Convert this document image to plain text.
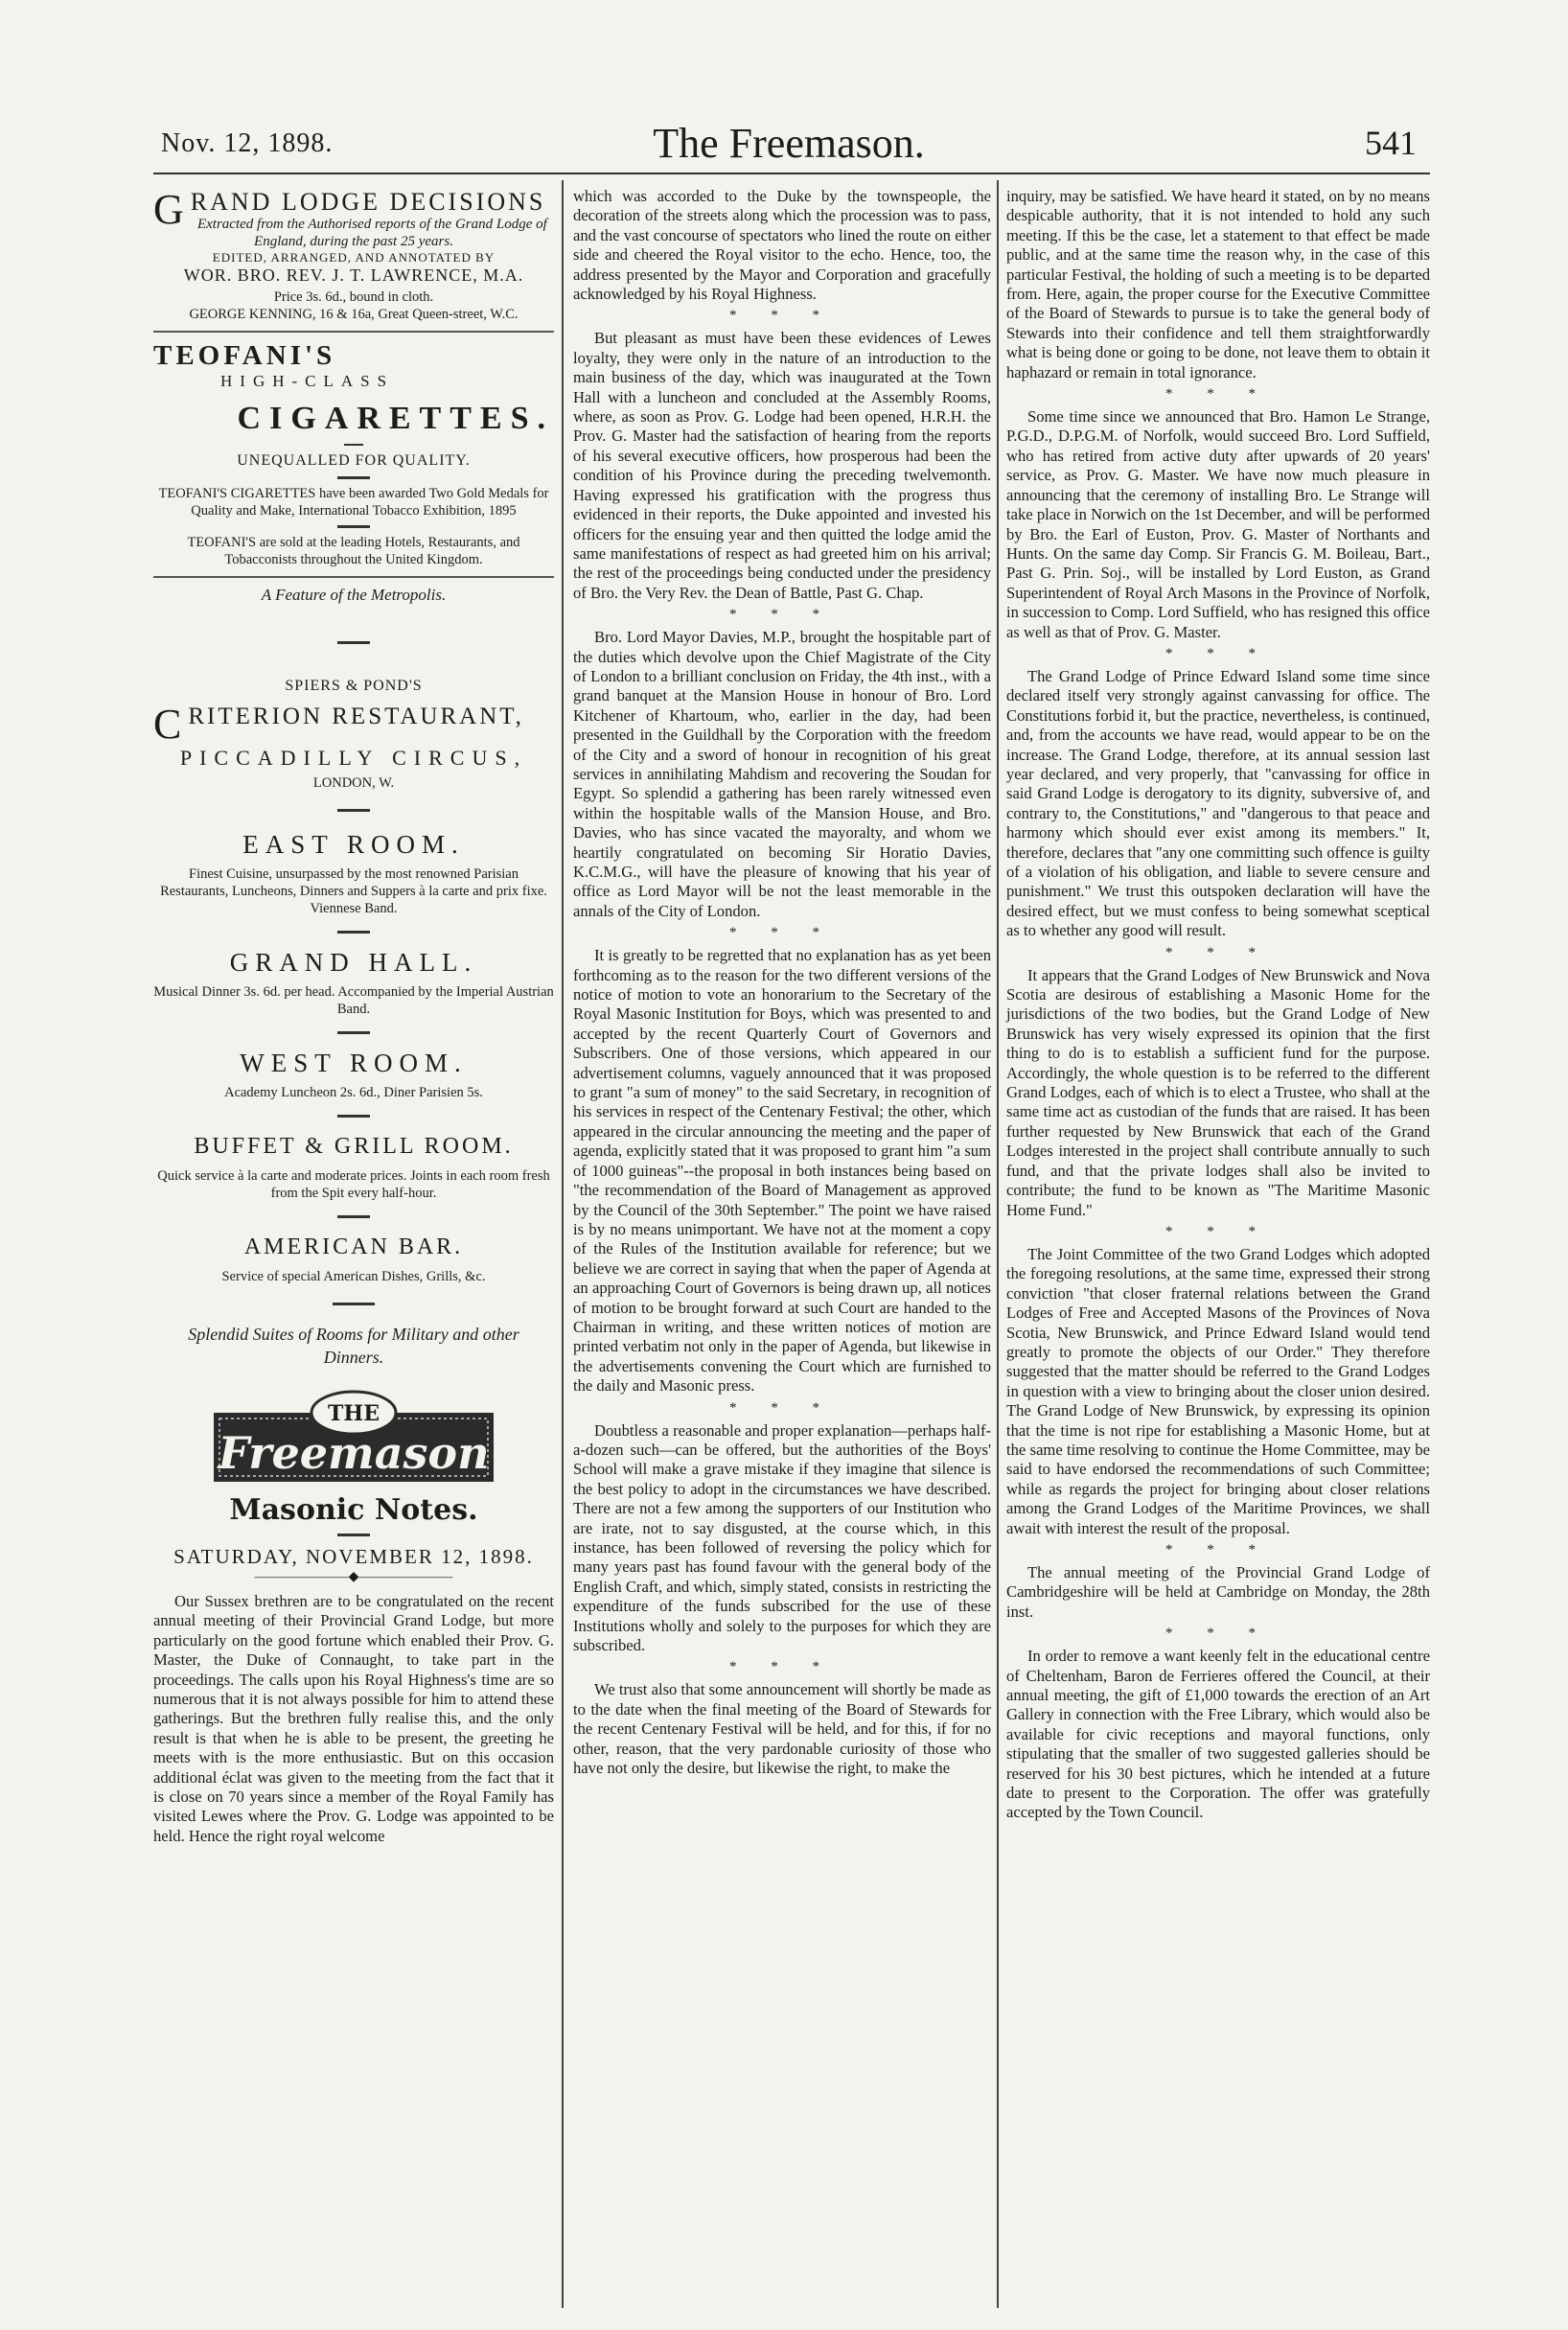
Nov. 12, 1898.	The Freemason.	541
GRAND LODGE DECISIONS
Extracted from the Authorised reports of the Grand Lodge of England, during the past 25 years.
EDITED, ARRANGED, AND ANNOTATED BY
WOR. BRO. REV. J. T. LAWRENCE, M.A.
Price 3s. 6d., bound in cloth.
GEORGE KENNING, 16 & 16a, Great Queen-street, W.C.
TEOFANI'S
HIGH-CLASS
CIGARETTES.
UNEQUALLED FOR QUALITY.
TEOFANI'S CIGARETTES have been awarded Two Gold Medals for Quality and Make, International Tobacco Exhibition, 1895
TEOFANI'S are sold at the leading Hotels, Restaurants, and Tobacconists throughout the United Kingdom.
A Feature of the Metropolis.
SPIERS & POND'S
CRITERION RESTAURANT,
PICCADILLY CIRCUS,
LONDON, W.
EAST ROOM.
Finest Cuisine, unsurpassed by the most renowned Parisian Restaurants, Luncheons, Dinners and Suppers à la carte and prix fixe. Viennese Band.
GRAND HALL.
Musical Dinner 3s. 6d. per head. Accompanied by the Imperial Austrian Band.
WEST ROOM.
Academy Luncheon 2s. 6d., Diner Parisien 5s.
BUFFET & GRILL ROOM.
Quick service à la carte and moderate prices. Joints in each room fresh from the Spit every half-hour.
AMERICAN BAR.
Service of special American Dishes, Grills, &c.
Splendid Suites of Rooms for Military and other Dinners.
THE
Freemason
Masonic Notes.
SATURDAY, NOVEMBER 12, 1898.
———————◆———————

Our Sussex brethren are to be congratulated on the recent annual meeting of their Provincial Grand Lodge, but more particularly on the good fortune which enabled their Prov. G. Master, the Duke of Connaught, to take part in the proceedings. The calls upon his Royal Highness's time are so numerous that it is not always possible for him to attend these gatherings. But the brethren fully realise this, and the only result is that when he is able to be present, the greeting he meets with is the more enthusiastic. But on this occasion additional éclat was given to the meeting from the fact that it is close on 70 years since a member of the Royal Family has visited Lewes where the Prov. G. Lodge was appointed to be held. Hence the right royal welcome

which was accorded to the Duke by the townspeople, the decoration of the streets along which the procession was to pass, and the vast concourse of spectators who lined the route on either side and cheered the Royal visitor to the echo. Hence, too, the address presented by the Mayor and Corporation and gracefully acknowledged by his Royal Highness.

* * *

But pleasant as must have been these evidences of Lewes loyalty, they were only in the nature of an introduction to the main business of the day, which was inaugurated at the Town Hall with a luncheon and concluded at the Assembly Rooms, where, as soon as Prov. G. Lodge had been opened, H.R.H. the Prov. G. Master had the satisfaction of hearing from the reports of his several executive officers, how prosperous had been the condition of his Province during the preceding twelvemonth. Having expressed his gratification with the progress thus evidenced in their reports, the Duke appointed and invested his officers for the ensuing year and then quitted the lodge amid the same manifestations of respect as had greeted him on his arrival; the rest of the proceedings being conducted under the presidency of Bro. the Very Rev. the Dean of Battle, Past G. Chap.

* * *

Bro. Lord Mayor Davies, M.P., brought the hospitable part of the duties which devolve upon the Chief Magistrate of the City of London to a brilliant conclusion on Friday, the 4th inst., with a grand banquet at the Mansion House in honour of Bro. Lord Kitchener of Khartoum, who, earlier in the day, had been presented in the Guildhall by the Corporation with the freedom of the City and a sword of honour in recognition of his great services in annihilating Mahdism and recovering the Soudan for Egypt. So splendid a gathering has been rarely witnessed even within the hospitable walls of the Mansion House, and Bro. Davies, who has since vacated the mayoralty, and whom we heartily congratulated on becoming Sir Horatio Davies, K.C.M.G., will have the pleasure of knowing that his year of office as Lord Mayor will be not the least memorable in the annals of the City of London.

* * *

It is greatly to be regretted that no explanation has as yet been forthcoming as to the reason for the two different versions of the notice of motion to vote an honorarium to the Secretary of the Royal Masonic Institution for Boys, which was presented to and accepted by the recent Quarterly Court of Governors and Subscribers. One of those versions, which appeared in our advertisement columns, vaguely announced that it was proposed to grant "a sum of money" to the said Secretary, in recognition of his services in respect of the Centenary Festival; the other, which appeared in the circular announcing the meeting and the paper of agenda, explicitly stated that it was proposed to grant him "a sum of 1000 guineas"--the proposal in both instances being based on "the recommendation of the Board of Management as approved by the Council of the 30th September." The point we have raised is by no means unimportant. We have not at the moment a copy of the Rules of the Institution available for reference; but we believe we are correct in saying that when the paper of Agenda at an approaching Court of Governors is being drawn up, all notices of motion to be brought forward at such Court are handed to the Chairman in writing, and these written notices of motion are printed verbatim not only in the paper of Agenda, but likewise in the advertisements convening the Court which are furnished to the daily and Masonic press.

* * *

Doubtless a reasonable and proper explanation—perhaps half-a-dozen such—can be offered, but the authorities of the Boys' School will make a grave mistake if they imagine that silence is the best policy to adopt in the circumstances we have described. There are not a few among the supporters of our Institution who are irate, not to say disgusted, at the course which, in this instance, has been followed of reversing the policy which for many years past has found favour with the general body of the English Craft, and which, simply stated, consists in restricting the expenditure of the funds subscribed for the use of these Institutions wholly and solely to the purposes for which they are subscribed.

* * *

We trust also that some announcement will shortly be made as to the date when the final meeting of the Board of Stewards for the recent Centenary Festival will be held, and for this, if for no other, reason, that the very pardonable curiosity of those who have not only the desire, but likewise the right, to make the

inquiry, may be satisfied. We have heard it stated, on by no means despicable authority, that it is not intended to hold any such meeting. If this be the case, let a statement to that effect be made public, and at the same time the reason why, in the case of this particular Festival, the holding of such a meeting is to be departed from. Here, again, the proper course for the Executive Committee of the Board of Stewards to pursue is to take the general body of Stewards into their confidence and tell them straightforwardly what is being done or going to be done, not leave them to obtain it haphazard or remain in total ignorance.

* * *

Some time since we announced that Bro. Hamon Le Strange, P.G.D., D.P.G.M. of Norfolk, would succeed Bro. Lord Suffield, who has retired from active duty after upwards of 20 years' service, as Prov. G. Master. We have now much pleasure in announcing that the ceremony of installing Bro. Le Strange will take place in Norwich on the 1st December, and will be performed by Bro. the Earl of Euston, Prov. G. Master of Northants and Hunts. On the same day Comp. Sir Francis G. M. Boileau, Bart., Past G. Prin. Soj., will be installed by Lord Euston, as Grand Superintendent of Royal Arch Masons in the Province of Norfolk, in succession to Comp. Lord Suffield, who has resigned this office as well as that of Prov. G. Master.

* * *

The Grand Lodge of Prince Edward Island some time since declared itself very strongly against canvassing for office. The Constitutions forbid it, but the practice, nevertheless, is continued, and, from the accounts we have read, would appear to be on the increase. The Grand Lodge, therefore, at its annual session last year declared, and very properly, that "canvassing for office in said Grand Lodge is derogatory to its dignity, subversive of, and contrary to, the Constitutions," and "dangerous to that peace and harmony which should ever exist among its members." It, therefore, declares that "any one committing such offence is guilty of a violation of his obligation, and liable to severe censure and punishment." We trust this outspoken declaration will have the desired effect, but we must confess to being somewhat sceptical as to whether any good will result.

* * *

It appears that the Grand Lodges of New Brunswick and Nova Scotia are desirous of establishing a Masonic Home for the jurisdictions of the two bodies, but the Grand Lodge of New Brunswick has very wisely expressed its opinion that the first thing to do is to establish a sufficient fund for the purpose. Accordingly, the whole question is to be referred to the different Grand Lodges, each of which is to elect a Trustee, who shall at the same time act as custodian of the funds that are raised. It has been further requested by New Brunswick that each of the Grand Lodges interested in the project shall contribute annually to such fund, and that the private lodges shall also be invited to contribute; the fund to be known as "The Maritime Masonic Home Fund."

* * *

The Joint Committee of the two Grand Lodges which adopted the foregoing resolutions, at the same time, expressed their strong conviction "that closer fraternal relations between the Grand Lodges of Free and Accepted Masons of the Provinces of Nova Scotia, New Brunswick, and Prince Edward Island would tend greatly to promote the objects of our Order." They therefore suggested that the matter should be referred to the Grand Lodges in question with a view to bringing about the closer union desired. The Grand Lodge of New Brunswick, by expressing its opinion that the time is not ripe for establishing a Masonic Home, but at the same time resolving to continue the Home Committee, may be said to have endorsed the recommendations of such Committee; while as regards the project for bringing about closer relations among the Grand Lodges of the Maritime Provinces, we shall await with interest the result of the proposal.

* * *

The annual meeting of the Provincial Grand Lodge of Cambridgeshire will be held at Cambridge on Monday, the 28th inst.

* * *

In order to remove a want keenly felt in the educational centre of Cheltenham, Baron de Ferrieres offered the Council, at their annual meeting, the gift of £1,000 towards the erection of an Art Gallery in connection with the Free Library, which would also be available for civic receptions and mayoral functions, only stipulating that the smaller of two suggested galleries should be reserved for his 30 best pictures, which he intended at a future date to present to the Corporation. The offer was gratefully accepted by the Town Council.
